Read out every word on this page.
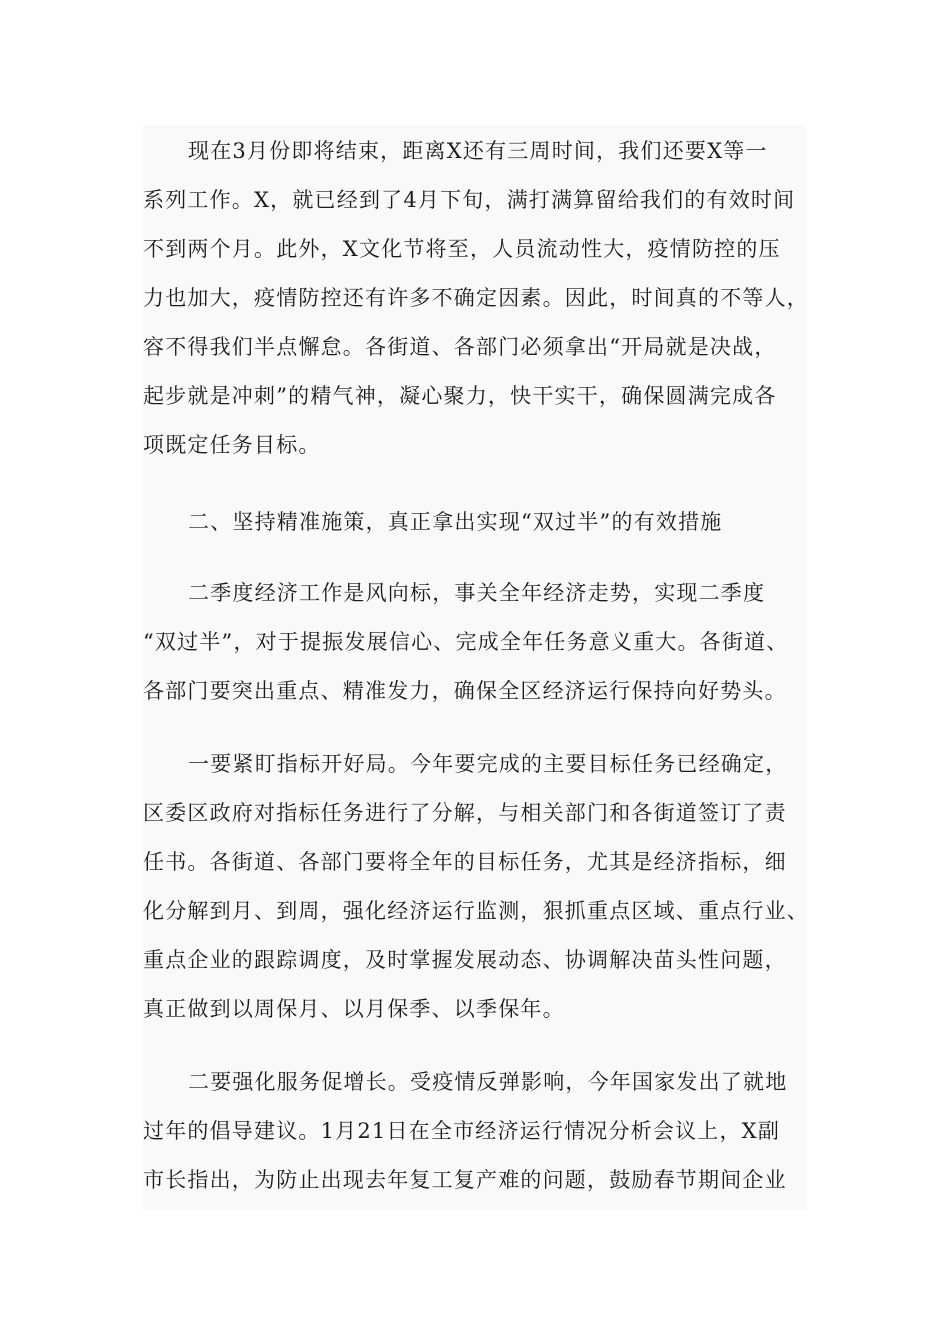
现在3月份即将结束，距离X还有三周时间，我们还要X等一
系列工作。X，就已经到了4月下旬，满打满算留给我们的有效时间
不到两个月。此外，X文化节将至，人员流动性大，疫情防控的压
力也加大，疫情防控还有许多不确定因素。因此，时间真的不等人，
容不得我们半点懈怠。各街道、各部门必须拿出“开局就是决战，
起步就是冲刺”的精气神，凝心聚力，快干实干，确保圆满完成各
项既定任务目标。
二、坚持精准施策，真正拿出实现“双过半”的有效措施
二季度经济工作是风向标，事关全年经济走势，实现二季度
“双过半”，对于提振发展信心、完成全年任务意义重大。各街道、
各部门要突出重点、精准发力，确保全区经济运行保持向好势头。
一要紧盯指标开好局。今年要完成的主要目标任务已经确定，
区委区政府对指标任务进行了分解，与相关部门和各街道签订了责
任书。各街道、各部门要将全年的目标任务，尤其是经济指标，细
化分解到月、到周，强化经济运行监测，狠抓重点区域、重点行业、
重点企业的跟踪调度，及时掌握发展动态、协调解决苗头性问题，
真正做到以周保月、以月保季、以季保年。
二要强化服务促增长。受疫情反弹影响，今年国家发出了就地
过年的倡导建议。1月21日在全市经济运行情况分析会议上，X副
市长指出，为防止出现去年复工复产难的问题，鼓励春节期间企业
